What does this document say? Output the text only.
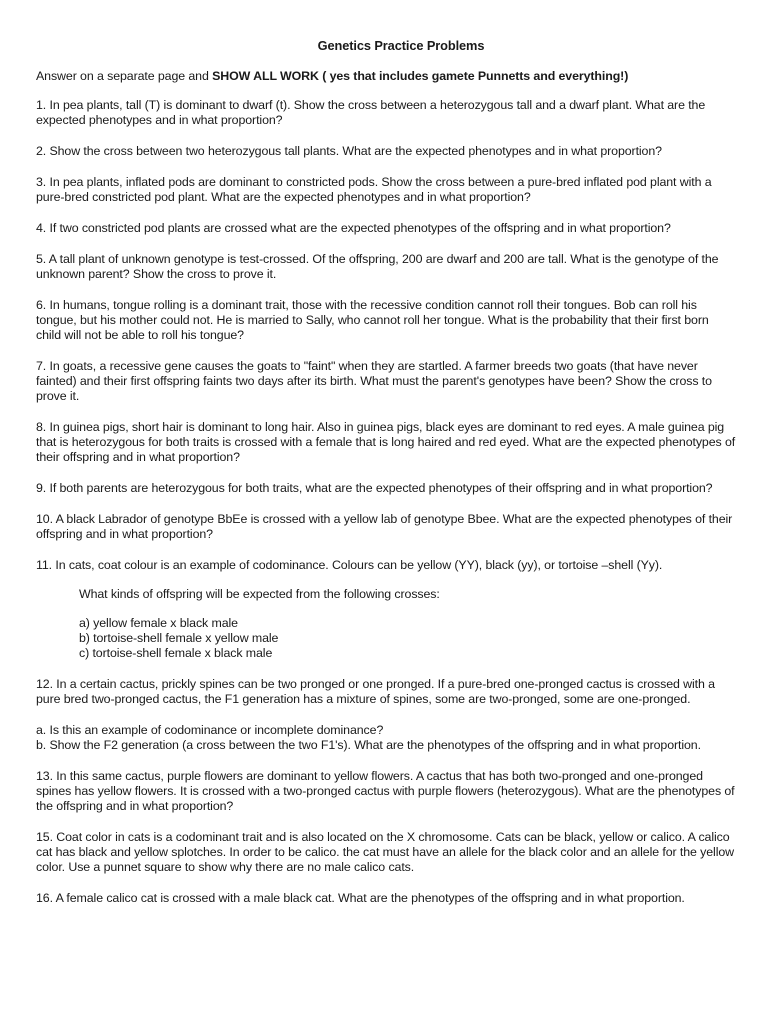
Genetics Practice Problems
Answer on a separate page and SHOW ALL WORK ( yes that includes gamete Punnetts and everything!)
1. In pea plants, tall (T) is dominant to dwarf (t). Show the cross between a heterozygous tall and a dwarf plant. What are the expected phenotypes and in what proportion?
2. Show the cross between two heterozygous tall plants. What are the expected phenotypes and in what proportion?
3. In pea plants, inflated pods are dominant to constricted pods. Show the cross between a pure-bred inflated pod plant with a pure-bred constricted pod plant. What are the expected phenotypes and in what proportion?
4. If two constricted pod plants are crossed what are the expected phenotypes of the offspring and in what proportion?
5. A tall plant of unknown genotype is test-crossed. Of the offspring, 200 are dwarf and 200 are tall. What is the genotype of the unknown parent? Show the cross to prove it.
6. In humans, tongue rolling is a dominant trait, those with the recessive condition cannot roll their tongues. Bob can roll his tongue, but his mother could not. He is married to Sally, who cannot roll her tongue. What is the probability that their first born child will not be able to roll his tongue?
7. In goats, a recessive gene causes the goats to "faint" when they are startled. A farmer breeds two goats (that have never fainted) and their first offspring faints two days after its birth. What must the parent's genotypes have been? Show the cross to prove it.
8. In guinea pigs, short hair is dominant to long hair. Also in guinea pigs, black eyes are dominant to red eyes. A male guinea pig that is heterozygous for both traits is crossed with a female that is long haired and red eyed. What are the expected phenotypes of their offspring and in what proportion?
9. If both parents are heterozygous for both traits, what are the expected phenotypes of their offspring and in what proportion?
10. A black Labrador of genotype BbEe is crossed with a yellow lab of genotype Bbee. What are the expected phenotypes of their offspring and in what proportion?
11. In cats, coat colour is an example of codominance. Colours can be yellow (YY), black (yy), or tortoise –shell (Yy).
What kinds of offspring will be expected from the following crosses:
a) yellow female x black male
b) tortoise-shell female x yellow male
c) tortoise-shell female x black male
12. In a certain cactus, prickly spines can be two pronged or one pronged. If a pure-bred one-pronged cactus is crossed with a pure bred two-pronged cactus, the F1 generation has a mixture of spines, some are two-pronged, some are one-pronged.
a. Is this an example of codominance or incomplete dominance?
b. Show the F2 generation (a cross between the two F1's). What are the phenotypes of the offspring and in what proportion.
13. In this same cactus, purple flowers are dominant to yellow flowers. A cactus that has both two-pronged and one-pronged spines has yellow flowers. It is crossed with a two-pronged cactus with purple flowers (heterozygous). What are the phenotypes of the offspring and in what proportion?
15. Coat color in cats is a codominant trait and is also located on the X chromosome. Cats can be black, yellow or calico. A calico cat has black and yellow splotches. In order to be calico. the cat must have an allele for the black color and an allele for the yellow color. Use a punnet square to show why there are no male calico cats.
16. A female calico cat is crossed with a male black cat. What are the phenotypes of the offspring and in what proportion.
